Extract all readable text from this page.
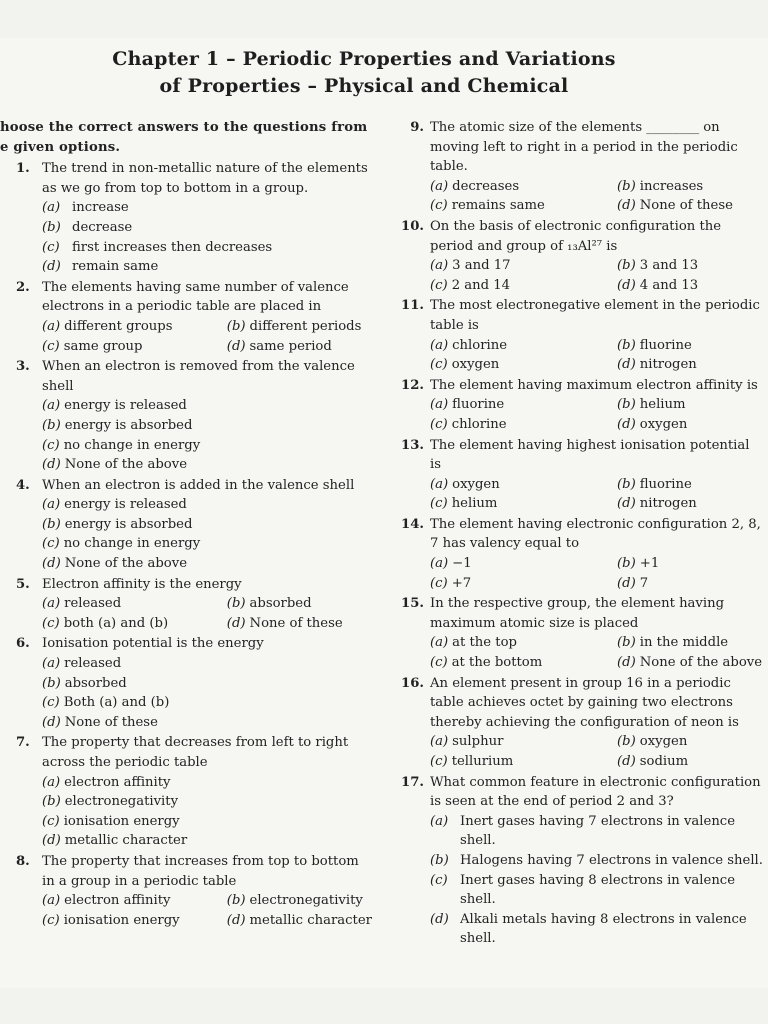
Chapter 1 – Periodic Properties and Variations
of Properties – Physical and Chemical
hoose the correct answers to the questions from e given options.
1. The trend in non-metallic nature of the elements as we go from top to bottom in a group.
(a) increase
(b) decrease
(c) first increases then decreases
(d) remain same
2. The elements having same number of valence electrons in a periodic table are placed in
(a) different groups	(b) different periods
(c) same group	(d) same period
3. When an electron is removed from the valence shell
(a) energy is released
(b) energy is absorbed
(c) no change in energy
(d) None of the above
4. When an electron is added in the valence shell
(a) energy is released
(b) energy is absorbed
(c) no change in energy
(d) None of the above
5. Electron affinity is the energy
(a) released	(b) absorbed
(c) both (a) and (b)	(d) None of these
6. Ionisation potential is the energy
(a) released
(b) absorbed
(c) Both (a) and (b)
(d) None of these
7. The property that decreases from left to right across the periodic table
(a) electron affinity
(b) electronegativity
(c) ionisation energy
(d) metallic character
8. The property that increases from top to bottom in a group in a periodic table
(a) electron affinity	(b) electronegativity
(c) ionisation energy	(d) metallic character
9. The atomic size of the elements ________ on moving left to right in a period in the periodic table.
(a) decreases	(b) increases
(c) remains same	(d) None of these
10. On the basis of electronic configuration the period and group of ₁₃Al²⁷ is
(a) 3 and 17	(b) 3 and 13
(c) 2 and 14	(d) 4 and 13
11. The most electronegative element in the periodic table is
(a) chlorine	(b) fluorine
(c) oxygen	(d) nitrogen
12. The element having maximum electron affinity is
(a) fluorine	(b) helium
(c) chlorine	(d) oxygen
13. The element having highest ionisation potential is
(a) oxygen	(b) fluorine
(c) helium	(d) nitrogen
14. The element having electronic configuration 2, 8, 7 has valency equal to
(a) −1	(b) +1
(c) +7	(d) 7
15. In the respective group, the element having maximum atomic size is placed
(a) at the top	(b) in the middle
(c) at the bottom	(d) None of the above
16. An element present in group 16 in a periodic table achieves octet by gaining two electrons thereby achieving the configuration of neon is
(a) sulphur	(b) oxygen
(c) tellurium	(d) sodium
17. What common feature in electronic configuration is seen at the end of period 2 and 3?
(a) Inert gases having 7 electrons in valence shell.
(b) Halogens having 7 electrons in valence shell.
(c) Inert gases having 8 electrons in valence shell.
(d) Alkali metals having 8 electrons in valence shell.
